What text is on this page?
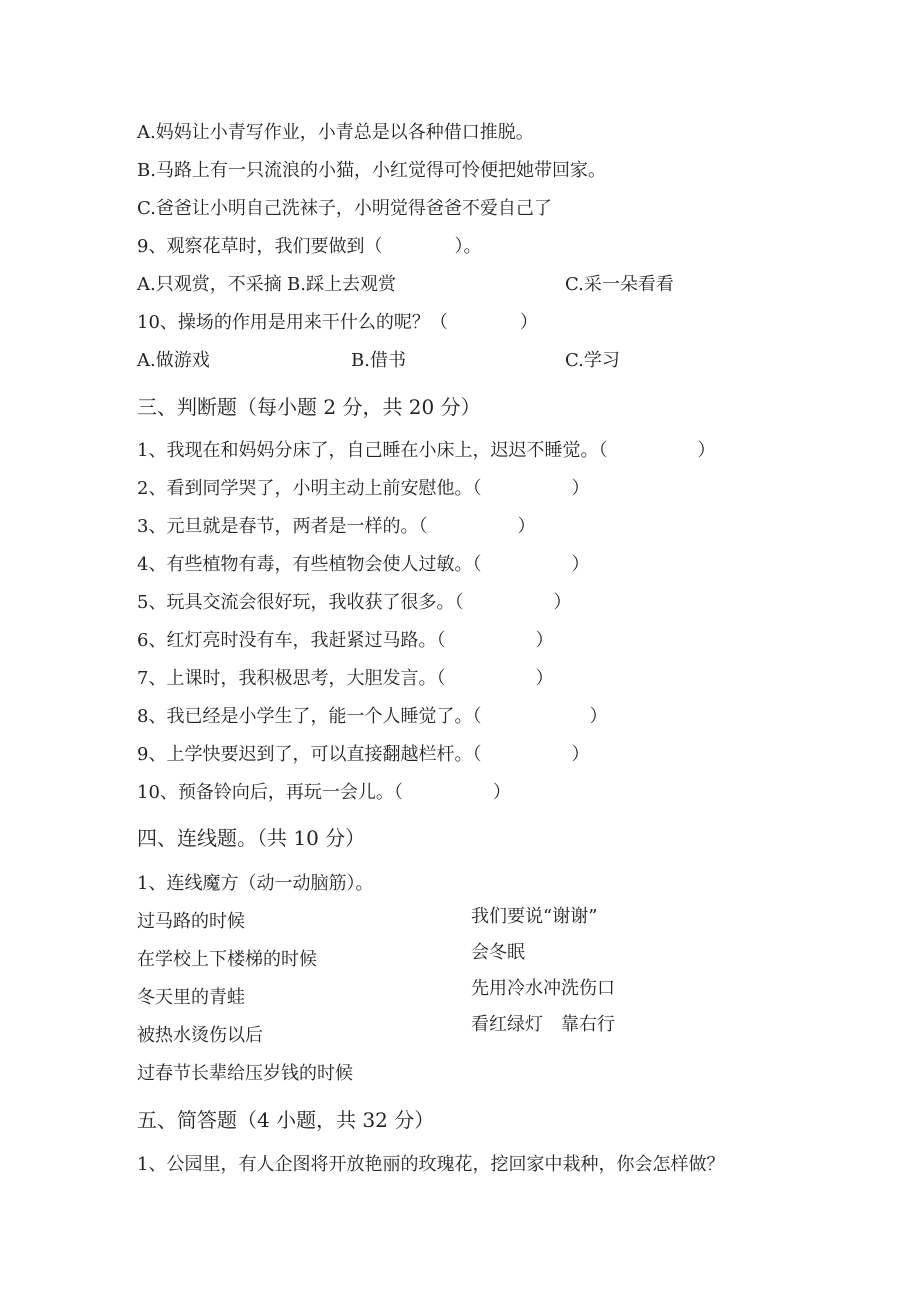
A.妈妈让小青写作业，小青总是以各种借口推脱。
B.马路上有一只流浪的小猫，小红觉得可怜便把她带回家。
C.爸爸让小明自己洗袜子，小明觉得爸爸不爱自己了
9、观察花草时，我们要做到（　　　　）。
A.只观赏，不采摘 B.踩上去观赏	C.采一朵看看
10、操场的作用是用来干什么的呢？（　　　　）
A.做游戏	B.借书	C.学习
三、判断题（每小题 2 分，共 20 分）
1、我现在和妈妈分床了，自己睡在小床上，迟迟不睡觉。（　　　　　）
2、看到同学哭了，小明主动上前安慰他。（　　　　　）
3、元旦就是春节，两者是一样的。（　　　　　）
4、有些植物有毒，有些植物会使人过敏。（　　　　　）
5、玩具交流会很好玩，我收获了很多。（　　　　　）
6、红灯亮时没有车，我赶紧过马路。（　　　　　）
7、上课时，我积极思考，大胆发言。（　　　　　）
8、我已经是小学生了，能一个人睡觉了。（　　　　　　）
9、上学快要迟到了，可以直接翻越栏杆。（　　　　　）
10、预备铃向后，再玩一会儿。（　　　　　）
四、连线题。（共 10 分）
1、连线魔方（动一动脑筋）。
过马路的时候
在学校上下楼梯的时候
冬天里的青蛙
被热水烫伤以后
过春节长辈给压岁钱的时候
我们要说“谢谢”
会冬眠
先用冷水冲洗伤口
看红绿灯　靠右行
五、简答题（4 小题，共 32 分）
1、公园里，有人企图将开放艳丽的玫瑰花，挖回家中栽种，你会怎样做？
